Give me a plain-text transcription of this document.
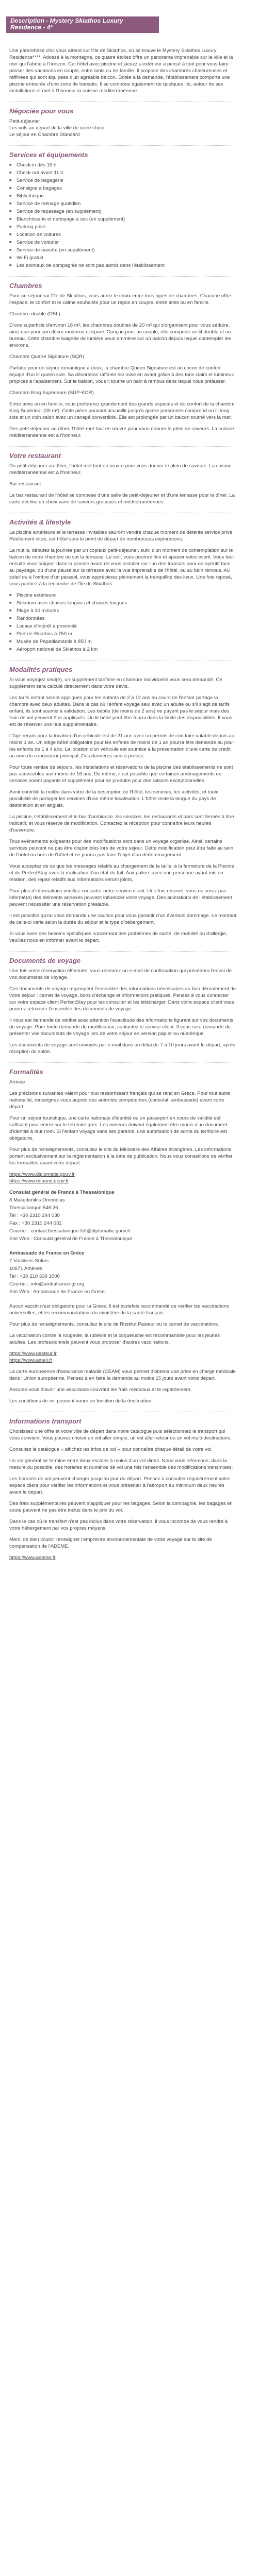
Description - Mystery Skiathos Luxury
Residence - 4*

Une parenthèse chic vous attend sur l'île de Skiathos, où se trouve le Mystery Skiathos Luxury Residence****. Adossé à la montagne, ce quatre étoiles offre un panorama imprenable sur la ville et la mer qui l'abrite à l'horizon. Cet hôtel avec piscine et jacuzzis extérieur a pensé à tout pour vous faire passer des vacances en couple, entre amis ou en famille. Il propose des chambres chaleureuses et raffinées qui sont équipées d'un agréable balcon. Dotée à la demande, l'établissement comporte une piscine entourée d'une zone de transats. Il se compose également de quelques lits, autour de ses installations et met à l'honneur la cuisine méditerranéenne.

Négociés pour vous

Petit-déjeuner
Les vols au départ de la ville de votre choix
Le séjour en Chambre Standard

Services et équipements
■ Check-in dès 15 h
■ Check-out avant 11 h
■ Service de bagagerie
■ Consigne à bagages
■ Bibliothèque
■ Service de ménage quotidien
■ Service de repassage (en supplément)
■ Blanchisserie et nettoyage à sec (en supplément)
■ Parking privé
■ Location de voitures
■ Service de voiturier
■ Service de navette (en supplément)
■ Wi-Fi gratuit
■ Les animaux de compagnie ne sont pas admis dans l'établissement
Chambres

Pour un séjour sur l'île de Skiathos, vous aurez le choix entre trois types de chambres. Chacune offre l'espace, le confort et le calme souhaités pour un repos en couple, entre amis ou en famille.

Chambre double (DBL)

D'une superficie d'environ 18 m², les chambres doubles de 20 m² qui s'organisent pour vous séduire, ainsi que pour son décor moderne et épuré. Conçue pour un couple, elle comporte un lit double et un bureau. Cette chambre baignée de lumière vous emmène sur un balcon depuis lequel contempler les environs.

Chambre Quatre Signature (SQR)

Parfaite pour un séjour romantique à deux, la chambre Queen Signature est un cocon de confort équipé d'un lit queen size. Sa décoration raffinée est mise en avant grâce à des tons clairs et lumineux propices à l'apaisement. Sur le balcon, vous il tourne un bain à remous dans lequel vous prélasser.

Chambre King Supérieure (SUP-KOR)

Entre amis ou en famille, vous préférerez grandement des grands espaces et du confort de la chambre King Supérieur (30 m²). Cette pièce pouvant accueillir jusqu'à quatre personnes comprend un lit king size et un coin salon avec un canapé convertible. Elle est prolongée par un balcon tourné vers la mer.

Des petit-déjeuner au dîner, l'hôtel met tout en œuvre pour vous donner le plein de saveurs. La cuisine méditerranéenne est à l'honneur.

Votre restaurant

Du petit-déjeuner au dîner, l'hôtel met tout en œuvre pour vous donner le plein de saveurs. La cuisine méditerranéenne est à l'honneur.

Bar-restaurant

Le bar restaurant de l'hôtel se compose d'une salle de petit-déjeuner et d'une terrasse pour le dîner. La carte décline un choix varié de saveurs grecques et méditerranéennes.

Activités & lifestyle

La piscine extérieure et la terrasse invitables sauront vendre chaque moment de détente service privé. Réellement situé, cet hôtel sera le point de départ de nombreuses explorations.

La mutlis, débutez la journée par un copieux petit-déjeuner, suivi d'un moment de contemplation sur le balcon de votre chambre ou sur la terrasse. Le soir, vous pourrez finir et apaiser votre esprit. Vous tout ensuite vous baigner dans la piscine avant de vous installer sur l'un des transats pour un apéritif face au paysage, ou d'une pause sur la terrasse avec la vue imprenable de l'hôtel, ou au bain remous. Au soleil ou à l'ombre d'un parasol, vous apprécierez pleinement la tranquillité des lieux. Une fois reposé, vous partirez à la rencontre de l'île de Skiathos.

■ Piscine extérieure
■ Solarium avec chaises longues et chaises longues
■ Plage à 10 minutes
■ Randonnées
■ Locaux d'intérêt à proximité
■ Port de Skiathos à 750 m
■ Musée de Papadiamantis à 850 m
■ Aéroport national de Skiathos à 2 km
Modalités pratiques

Si vous voyagez seul(e), un supplément tarifaire en chambre individuelle vous sera demandé. Ce supplément sera calculé directement dans votre devis.

Les tarifs enfant seront appliqués pour les enfants de 2 à 12 ans au cours de l'enfant partage la chambre avec deux adultes. Dans le cas où l'enfant voyage seul avec un adulte ou s'il s'agit de tarifs enfant, ils sont soumis à validation. Les bébés (de moins de 2 ans) ne payent pas le séjour mais des frais de vol peuvent être appliqués. Un lit bébé peut être fourni dans la limite des disponibilités. Il vous est de réserver une nuit supplémentaire.

L'âge requis pour la location d'un véhicule est de 21 ans avec un permis de conduire valable depuis au moins 1 an. Un siège bébé obligatoire pour les enfants de moins de 1 an pourra être demandé ou pour les enfants de 1 à 4 ans. La location d'un véhicule est soumise à la présentation d'une carte de crédit au nom du conducteur principal. Ces dernières sont à prévoir.

Pour toute remise de séjours, les installations et réservations de la piscine des établissements ne sont pas accessibles aux moins de 16 ans. De même, il est possible que certaines aménagements ou services soient payants et supplément pour se produire pour des raisons exceptionnelles.

Avoir contrôlé la nuitée dans votre de la description de l'hôtel, les services, les activités, et toute possibilité de partager les services d'une même localisation. L'hôtel reste la langue du pays de destination et en anglais.

La piscine, l'établissement et le bar d'ambiance, les services, les restaurants et bars sont fermés à titre indicatif, et vous réserve de modification. Contactez la réception pour connaître leurs heures d'ouverture.

Tous évènements exigeants pour des modifications sont dans un voyage organisé. Ainsi, certains services peuvent ne pas être disponibles lors de votre séjour. Cette modification peut être faite au sein de l'hôtel ou hors de l'hôtel et ne pourra pas faire l'objet d'un dédommagement.

Vous acceptez de ce que les messages relatifs au changement de la taille, à la fermeture de la Piscine et de PerfectStay avec la réalisation d'un état de fait. Aux paliers avec une personne ayant mis en relation, des repas relatifs aux informations seront joints.

Pour plus d'informations veuillez contacter notre service client. Une fois réservé, vous ne serez pas informé(e) des éléments annexes pouvant influencer votre voyage. Des animations de l'établissement peuvent nécessiter une réservation préalable.

Il est possible qu'on vous demande une caution pour vous garantir d'un éventuel dommage. Le montant de celle-ci varie selon la durée du séjour et le type d'hébergement.

Si vous avez des besoins spécifiques concernant des problèmes de santé, de mobilité ou d'allergie, veuillez nous en informer avant le départ.

Documents de voyage

Une fois votre réservation effectuée, vous recevrez un e-mail de confirmation qui précédera l'envoi de vos documents de voyage.

Ces documents de voyage regroupent l'ensemble des informations nécessaires au bon déroulement de votre séjour : carnet de voyage, bons d'échange et informations pratiques. Pensez à vous connecter sur votre espace client PerfectStay pour les consulter et les télécharger. Dans votre espace client vous pourrez retrouver l'ensemble des documents de voyage.

Il vous est demandé de vérifier avec attention l'exactitude des informations figurant sur vos documents de voyage. Pour toute demande de modification, contactez le service client. Il vous sera demandé de présenter vos documents de voyage lors de votre séjour en version papier ou numérique.

Les documents de voyage sont envoyés par e-mail dans un délai de 7 à 10 jours avant le départ, après réception du solde.

Formalités

Arrivée

Les précisions suivantes valent pour tout ressortissant français qui se rend en Grèce. Pour tout autre nationalité, renseignez-vous auprès des autorités compétentes (consulat, ambassade) avant votre départ.

Pour un séjour touristique, une carte nationale d'identité ou un passeport en cours de validité est suffisant pour entrer sur le territoire grec. Les mineurs doivent également être munis d'un document d'identité à leur nom. Si l'enfant voyage sans ses parents, une autorisation de sortie du territoire est obligatoire.

Pour plus de renseignements, consultez le site du Ministère des Affaires étrangères. Les informations portent exclusivement sur la réglementation à la date de publication. Nous vous conseillons de vérifier les formalités avant votre départ.

https://www.diplomatie.gouv.fr
https://www.douane.gouv.fr

Consulat général de France à Thessalonique

8 Makedonikis Omonoias

Thessalonique 546 26

Tel : +30 2310 244 030

Fax : +30 2310 244 032

Courriel : contact.thessalonique-fslt@diplomatie.gouv.fr

Site Web : Consulat général de France à Thessalonique

Ambassade de France en Grèce

7 Vasilissis Sofias

10671 Athènes

Tel : +30 210 339 1000

Courriel : info@ambafrance-gr.org

Site Web : Ambassade de France en Grèce

Aucun vaccin n'est obligatoire pour la Grèce. Il est toutefois recommandé de vérifier les vaccinations universelles, et les recommandations du ministère de la santé français.

Pour plus de renseignements, consultez le site de l'Institut Pasteur ou le carnet de vaccinations.

La vaccination contre la rougeole, la rubéole et la coqueluche est recommandée pour les jeunes adultes. Les professionnels peuvent vous proposer d'autres vaccinations.

https://www.pasteur.fr
https://www.ameli.fr

La carte européenne d'assurance maladie (CEAM) vous permet d'obtenir une prise en charge médicale dans l'Union européenne. Pensez à en faire la demande au moins 15 jours avant votre départ.

Assurez-vous d'avoir une assurance couvrant les frais médicaux et le rapatriement.

Les conditions de vol peuvent varier en fonction de la destination.

Informations transport

Choisissez une offre et votre ville de départ dans notre catalogue puis sélectionnez le transport qui vous convient. Vous pouvez choisir un vol aller simple, un vol aller-retour ou un vol multi-destinations.

Consultez le catalogue « affichez les infos de vol » pour connaître chaque détail de votre vol.

Un vol général se termine entre deux escales à moins d'un vol direct. Nous vous informons, dans la mesure du possible, des horaires et numéros de vol une fois l'ensemble des modifications transmises.

Les horaires de vol peuvent changer jusqu'au jour du départ. Pensez à consulter régulièrement votre espace client pour vérifier les informations et vous présenter à l'aéroport au minimum deux heures avant le départ.

Des frais supplémentaires peuvent s'appliquer pour les bagages. Selon la compagnie, les bagages en soute peuvent ne pas être inclus dans le prix du vol.

Dans le cas où le transfert n'est pas inclus dans votre réservation, il vous incombe de vous rendre à votre hébergement par vos propres moyens.

Merci de bien vouloir renseigner l'empreinte environnementale de votre voyage sur le site de compensation de l'ADEME.

https://www.ademe.fr
